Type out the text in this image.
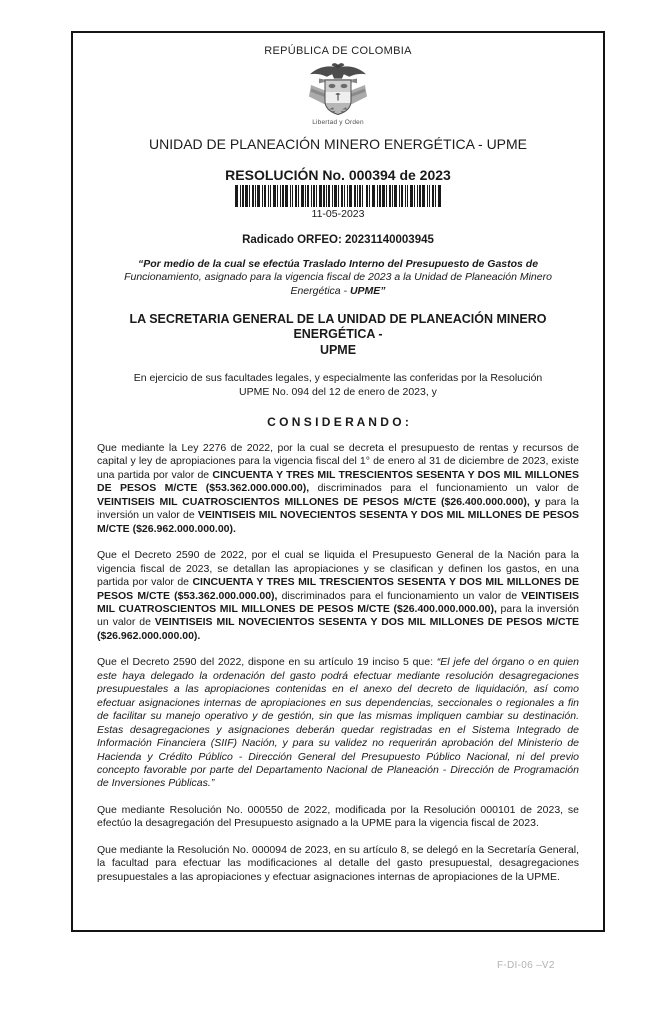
REPÚBLICA DE COLOMBIA
Libertad y Orden
UNIDAD DE PLANEACIÓN MINERO ENERGÉTICA - UPME
RESOLUCIÓN No. 000394 de 2023
11-05-2023
Radicado ORFEO: 20231140003945
“Por medio de la cual se efectúa Traslado Interno del Presupuesto de Gastos de
Funcionamiento, asignado para la vigencia fiscal de 2023 a la Unidad de Planeación Minero
Energética - UPME”
LA SECRETARIA GENERAL DE LA UNIDAD DE PLANEACIÓN MINERO ENERGÉTICA -
UPME
En ejercicio de sus facultades legales, y especialmente las conferidas por la Resolución
UPME No. 094 del 12 de enero de 2023, y
C O N S I D E R A N D O :

Que mediante la Ley 2276 de 2022, por la cual se decreta el presupuesto de rentas y recursos de capital y ley de apropiaciones para la vigencia fiscal del 1° de enero al 31 de diciembre de 2023, existe una partida por valor de CINCUENTA Y TRES MIL TRESCIENTOS SESENTA Y DOS MIL MILLONES DE PESOS M/CTE ($53.362.000.000.00), discriminados para el funcionamiento un valor de VEINTISEIS MIL CUATROSCIENTOS MILLONES DE PESOS M/CTE ($26.400.000.000), y para la inversión un valor de VEINTISEIS MIL NOVECIENTOS SESENTA Y DOS MIL MILLONES DE PESOS M/CTE ($26.962.000.000.00).

Que el Decreto 2590 de 2022, por el cual se liquida el Presupuesto General de la Nación para la vigencia fiscal de 2023, se detallan las apropiaciones y se clasifican y definen los gastos, en una partida por valor de CINCUENTA Y TRES MIL TRESCIENTOS SESENTA Y DOS MIL MILLONES DE PESOS M/CTE ($53.362.000.000.00), discriminados para el funcionamiento un valor de VEINTISEIS MIL CUATROSCIENTOS MIL MILLONES DE PESOS M/CTE ($26.400.000.000.00), para la inversión un valor de VEINTISEIS MIL NOVECIENTOS SESENTA Y DOS MIL MILLONES DE PESOS M/CTE ($26.962.000.000.00).

Que el Decreto 2590 del 2022, dispone en su artículo 19 inciso 5 que: “El jefe del órgano o en quien este haya delegado la ordenación del gasto podrá efectuar mediante resolución desagregaciones presupuestales a las apropiaciones contenidas en el anexo del decreto de liquidación, así como efectuar asignaciones internas de apropiaciones en sus dependencias, seccionales o regionales a fin de facilitar su manejo operativo y de gestión, sin que las mismas impliquen cambiar su destinación. Estas desagregaciones y asignaciones deberán quedar registradas en el Sistema Integrado de Información Financiera (SIIF) Nación, y para su validez no requerirán aprobación del Ministerio de Hacienda y Crédito Público - Dirección General del Presupuesto Público Nacional, ni del previo concepto favorable por parte del Departamento Nacional de Planeación - Dirección de Programación de Inversiones Públicas.”

Que mediante Resolución No. 000550 de 2022, modificada por la Resolución 000101 de 2023, se efectúo la desagregación del Presupuesto asignado a la UPME para la vigencia fiscal de 2023.

Que mediante la Resolución No. 000094 de 2023, en su artículo 8, se delegó en la Secretaría General, la facultad para efectuar las modificaciones al detalle del gasto presupuestal, desagregaciones presupuestales a las apropiaciones y efectuar asignaciones internas de apropiaciones de la UPME.

F-DI-06 –V2
